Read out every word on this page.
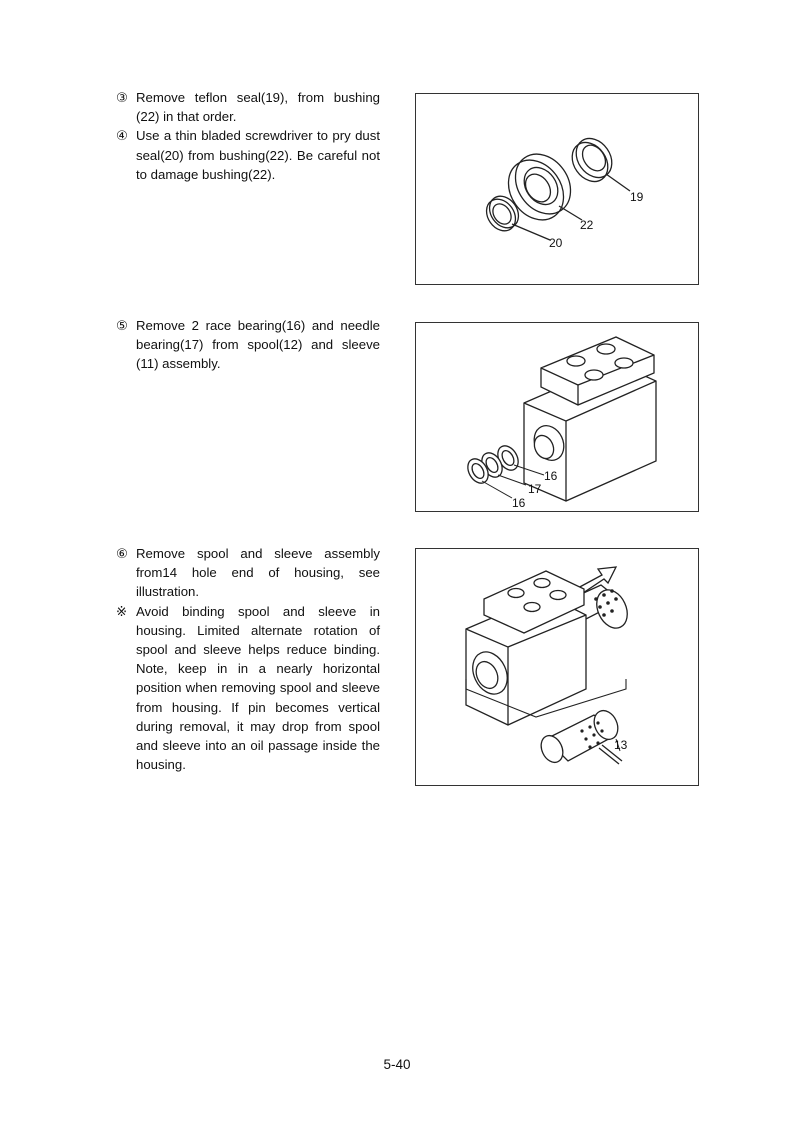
③ Remove teflon seal(19), from bushing (22) in that order.

④ Use a thin bladed screwdriver to pry dust seal(20) from bushing(22). Be careful not to damage bushing(22).

19
22
20

⑤ Remove 2 race bearing(16) and needle bearing(17) from spool(12) and sleeve (11) assembly.

16
17
16

⑥ Remove spool and sleeve assembly from14 hole end of housing, see illustration.

※ Avoid binding spool and sleeve in housing. Limited alternate rotation of spool and sleeve helps reduce binding. Note, keep in in a nearly horizontal position when removing spool and sleeve from housing. If pin becomes vertical during removal, it may drop from spool and sleeve into an oil passage inside the housing.

13
5-40
